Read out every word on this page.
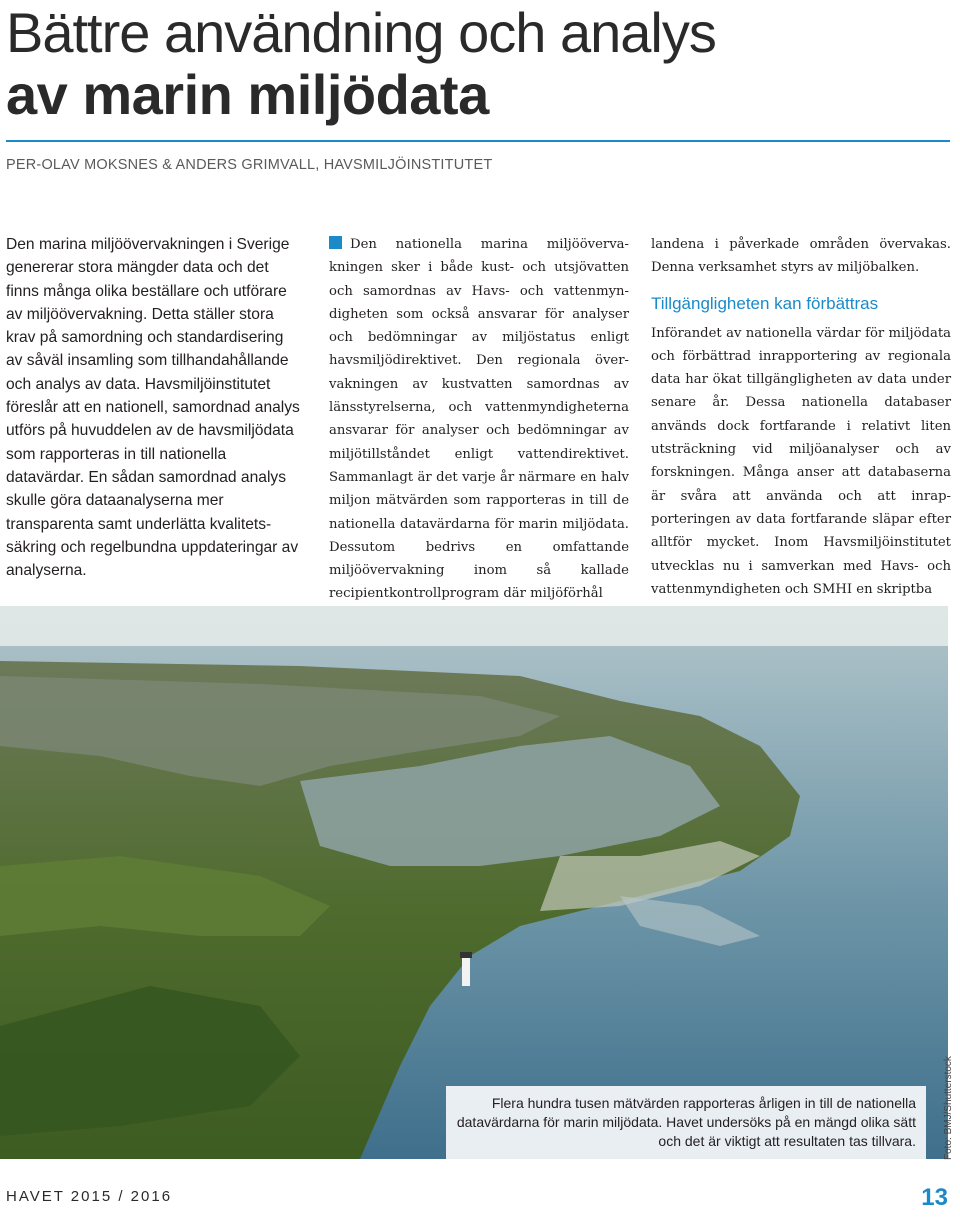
Bättre användning och analys
av marin miljödata
PER-OLAV MOKSNES & ANDERS GRIMVALL, HAVSMILJÖINSTITUTET

Den marina miljöövervakningen i Sverige genererar stora mängder data och det finns många olika beställare och utförare av miljöövervakning. Detta ställer stora krav på samordning och standardisering av såväl insamling som tillhandahållande och analys av data. Havsmiljöinstitutet föreslår att en nationell, samordnad analys utförs på huvuddelen av de havsmiljödata som rapporteras in till nationella datavärdar. En sådan samordnad analys skulle göra dataanalyserna mer transparenta samt underlätta kvalitetssäkring och regelbundna uppdateringar av analyserna.

Den nationella marina miljöövervakningen sker i både kust- och utsjövatten och samordnas av Havs- och vattenmyndigheten som också ansvarar för analyser och bedömningar av miljöstatus enligt havsmiljödirektivet. Den regionala övervakningen av kustvatten samordnas av länsstyrelserna, och vattenmyndigheterna ansvarar för analyser och bedömningar av miljötillståndet enligt vattendirektivet. Sammanlagt är det varje år närmare en halv miljon mätvärden som rapporteras in till de nationella datavärdarna för marin miljödata. Dessutom bedrivs en omfattande miljöövervakning inom så kallade recipientkontrollprogram där miljöförhål

landena i påverkade områden övervakas. Denna verksamhet styrs av miljöbalken.

Tillgängligheten kan förbättras

Införandet av nationella värdar för miljödata och förbättrad inrapportering av regionala data har ökat tillgängligheten av data under senare år. Dessa nationella databaser används dock fortfarande i relativt liten utsträckning vid miljöanalyser och av forskningen. Många anser att databaserna är svåra att använda och att inrapporteringen av data fortfarande släpar efter alltför mycket. Inom Havsmiljöinstitutet utvecklas nu i samverkan med Havs- och vattenmyndigheten och SMHI en skriptba

Flera hundra tusen mätvärden rapporteras årligen in till de nationella datavärdarna för marin miljödata. Havet undersöks på en mängd olika sätt och det är viktigt att resultaten tas tillvara.	Foto: BMJ/Shutterstock
HAVET 2015 / 2016	13
